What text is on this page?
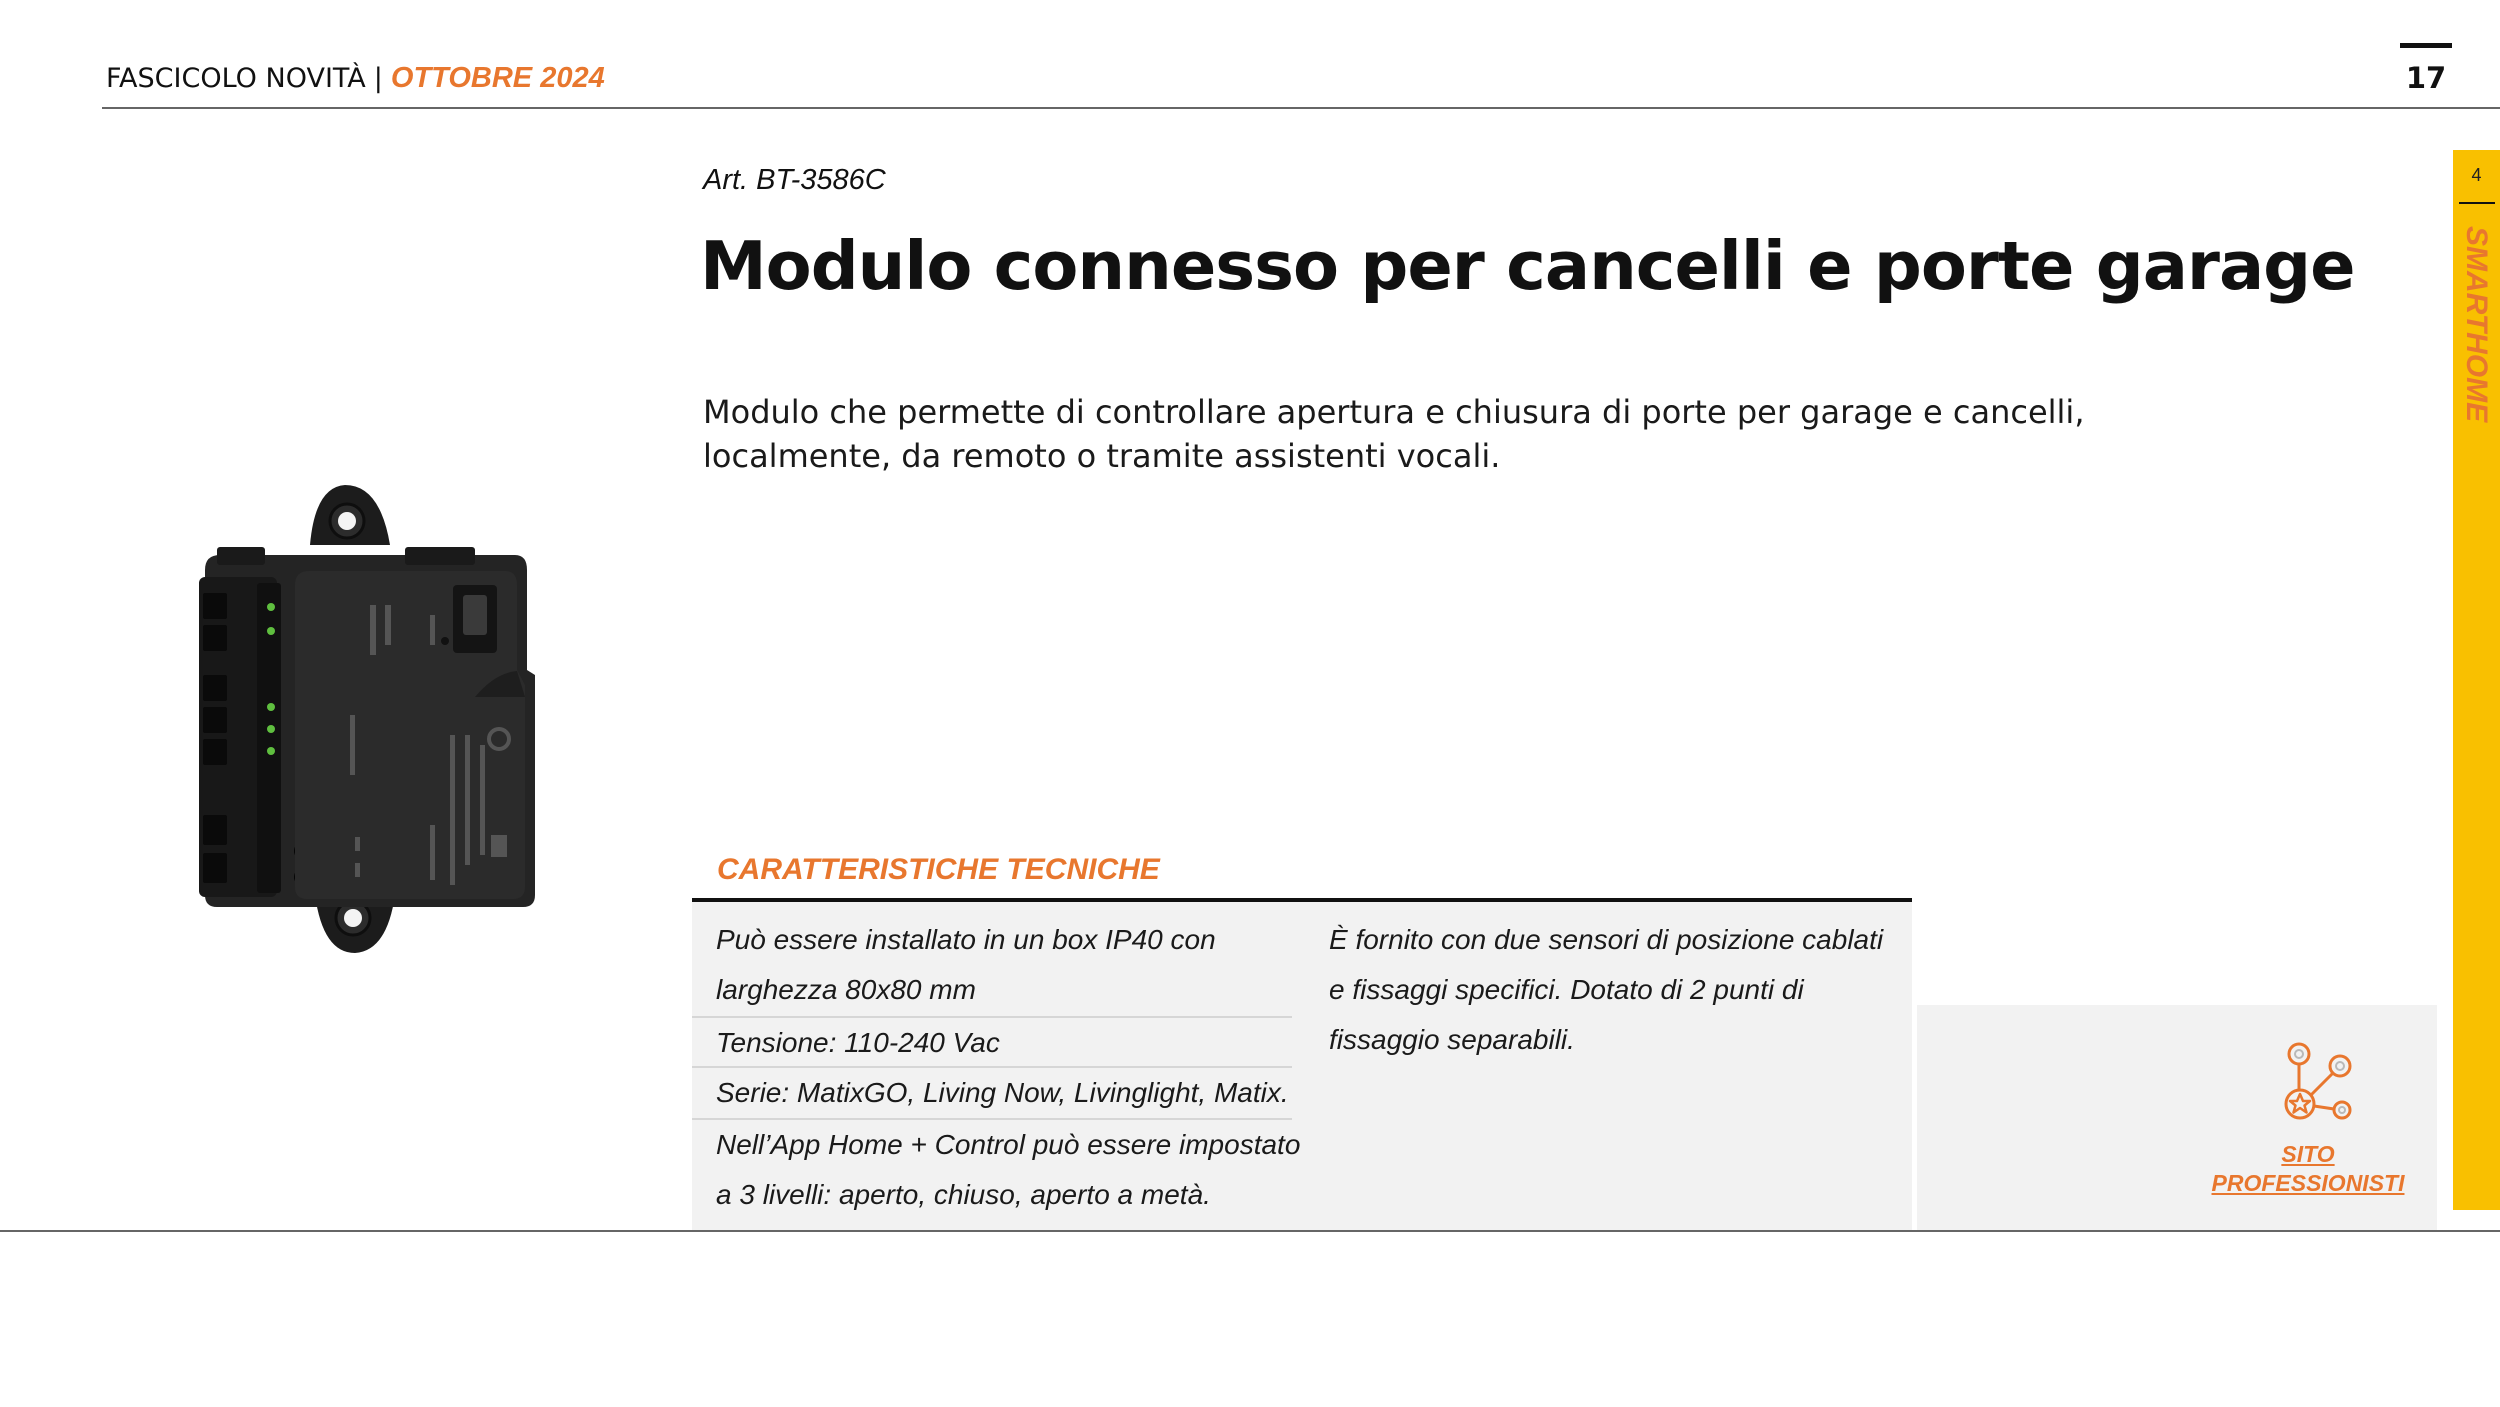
FASCICOLO NOVITÀ | OTTOBRE 2024	17
4
SMARTHOME
Art. BT-3586C
Modulo connesso per cancelli e porte garage
Modulo che permette di controllare apertura e chiusura di porte per garage e cancelli, localmente, da remoto o tramite assistenti vocali.
CARATTERISTICHE TECNICHE
Può essere installato in un box IP40 con larghezza 80x80 mm
Tensione: 110-240 Vac
Serie: MatixGO, Living Now, Livinglight, Matix.
Nell’App Home + Control può essere impostato a 3 livelli: aperto, chiuso, aperto a metà.
È fornito con due sensori di posizione cablati e fissaggi specifici. Dotato di 2 punti di fissaggio separabili.
SITO
PROFESSIONISTI
